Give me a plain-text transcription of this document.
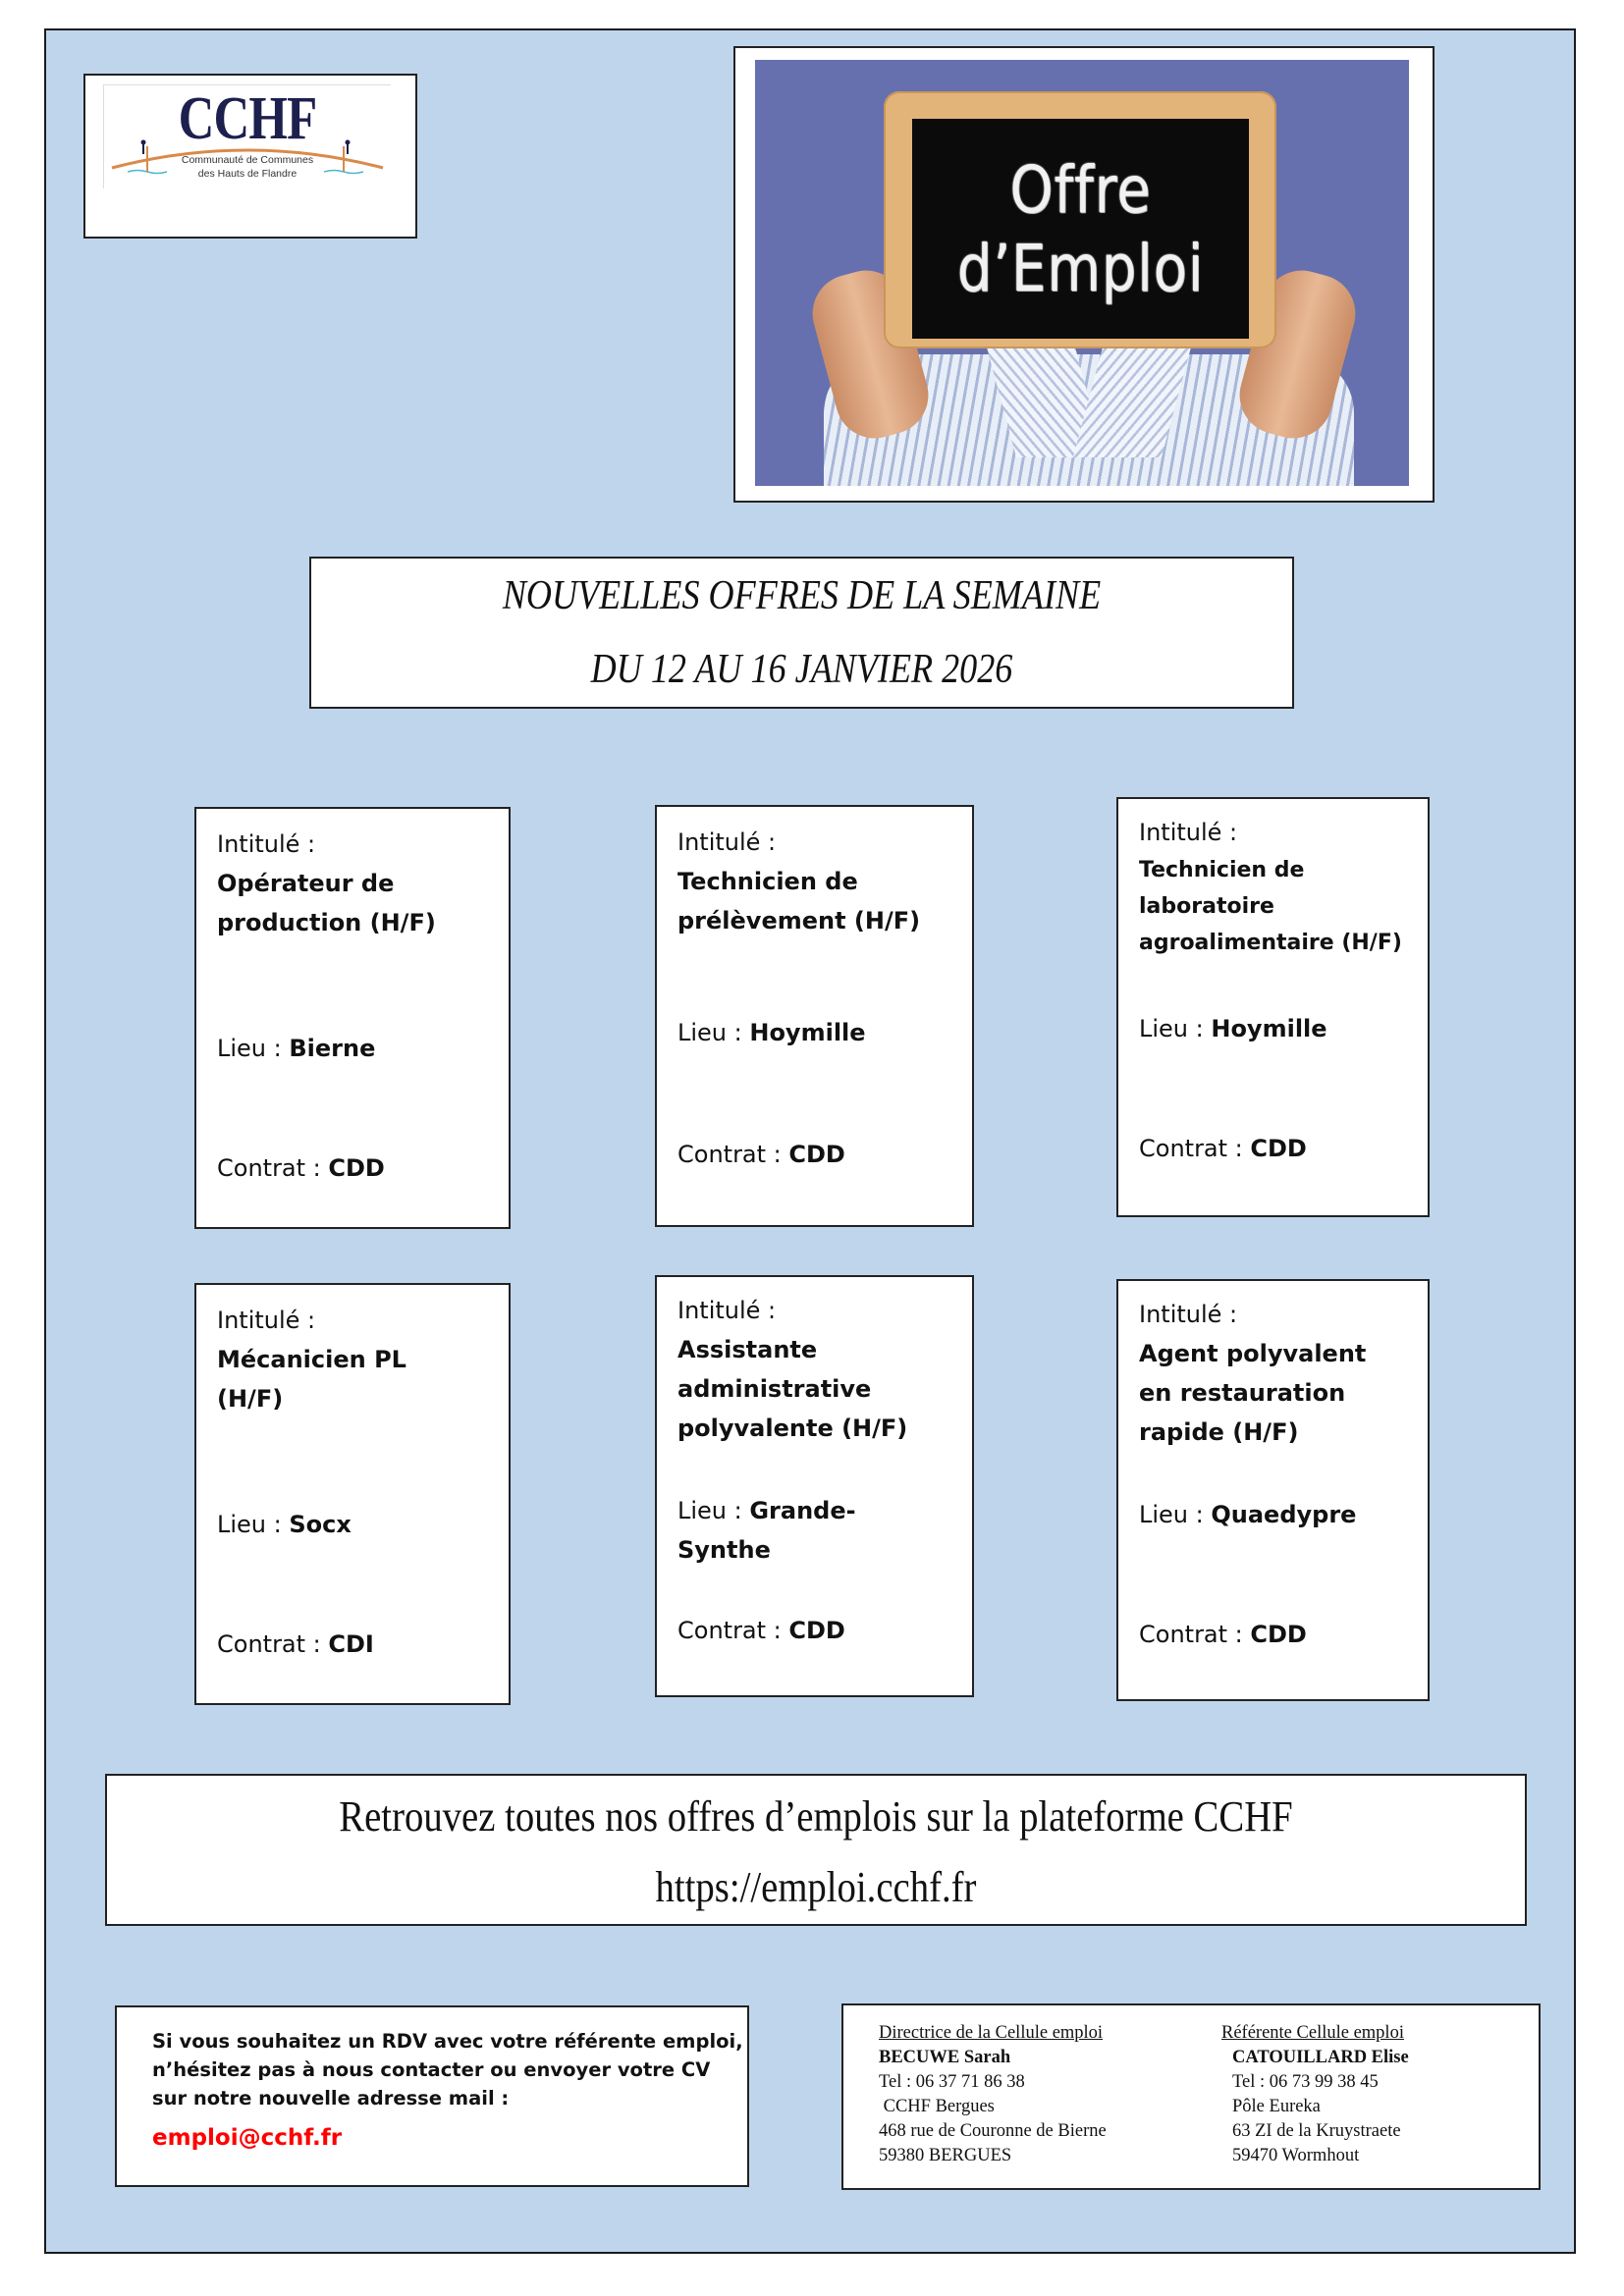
CCHF
Communauté de Communes
des Hauts de Flandre	Offre
d’Emploi
NOUVELLES OFFRES DE LA SEMAINE
DU 12 AU 16 JANVIER 2026
Intitulé :
Opérateur de
production (H/F)
Lieu : Bierne
Contrat : CDD
Intitulé :
Technicien de
prélèvement (H/F)
Lieu : Hoymille
Contrat : CDD
Intitulé :
Technicien de
laboratoire
agroalimentaire (H/F)
Lieu : Hoymille
Contrat : CDD
Intitulé :
Mécanicien PL
(H/F)
Lieu : Socx
Contrat : CDI
Intitulé :
Assistante
administrative
polyvalente (H/F)
Lieu : Grande-
Synthe
Contrat : CDD
Intitulé :
Agent polyvalent
en restauration
rapide (H/F)
Lieu : Quaedypre
Contrat : CDD
Retrouvez toutes nos offres d’emplois sur la plateforme CCHF
https://emploi.cchf.fr
Si vous souhaitez un RDV avec votre référente emploi,
n’hésitez pas à nous contacter ou envoyer votre CV
sur notre nouvelle adresse mail :
emploi@cchf.fr
Directrice de la Cellule emploi
BECUWE Sarah
Tel : 06 37 71 86 38
CCHF Bergues
468 rue de Couronne de Bierne
59380 BERGUES
Référente Cellule emploi
CATOUILLARD Elise
Tel : 06 73 99 38 45
Pôle Eureka
63 ZI de la Kruystraete
59470 Wormhout
